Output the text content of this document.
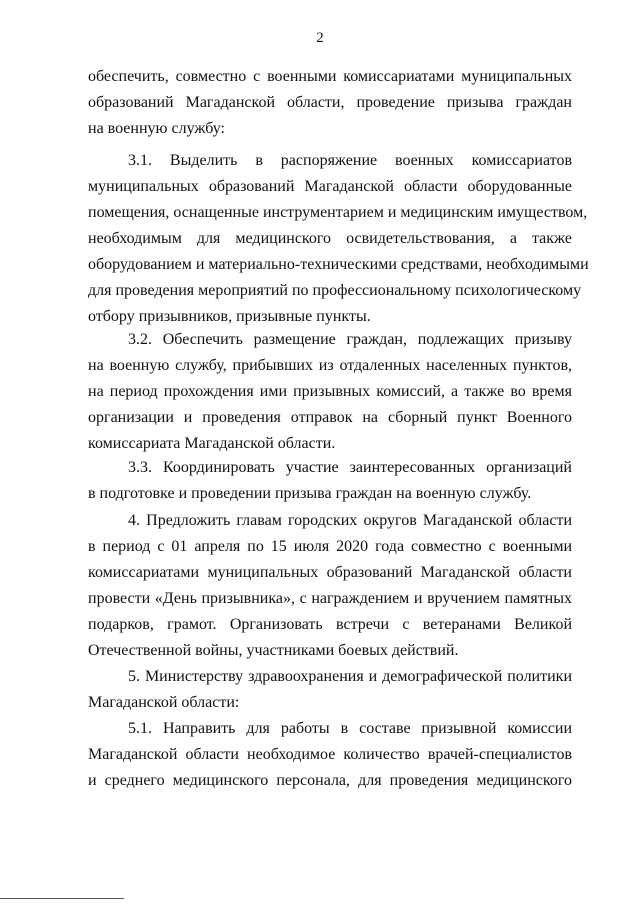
2
обеспечить, совместно с военными комиссариатами муниципальных
образований Магаданской области, проведение призыва граждан
на военную службу:
3.1. Выделить в распоряжение военных комиссариатов
муниципальных образований Магаданской области оборудованные
помещения, оснащенные инструментарием и медицинским имуществом,
необходимым для медицинского освидетельствования, а также
оборудованием и материально-техническими средствами, необходимыми
для проведения мероприятий по профессиональному психологическому
отбору призывников, призывные пункты.
3.2. Обеспечить размещение граждан, подлежащих призыву
на военную службу, прибывших из отдаленных населенных пунктов,
на период прохождения ими призывных комиссий, а также во время
организации и проведения отправок на сборный пункт Военного
комиссариата Магаданской области.
3.3. Координировать участие заинтересованных организаций
в подготовке и проведении призыва граждан на военную службу.
4. Предложить главам городских округов Магаданской области
в период с 01 апреля по 15 июля 2020 года совместно с военными
комиссариатами муниципальных образований Магаданской области
провести «День призывника», с награждением и вручением памятных
подарков, грамот. Организовать встречи с ветеранами Великой
Отечественной войны, участниками боевых действий.
5. Министерству здравоохранения и демографической политики
Магаданской области:
5.1. Направить для работы в составе призывной комиссии
Магаданской области необходимое количество врачей-специалистов
и среднего медицинского персонала, для проведения медицинского
